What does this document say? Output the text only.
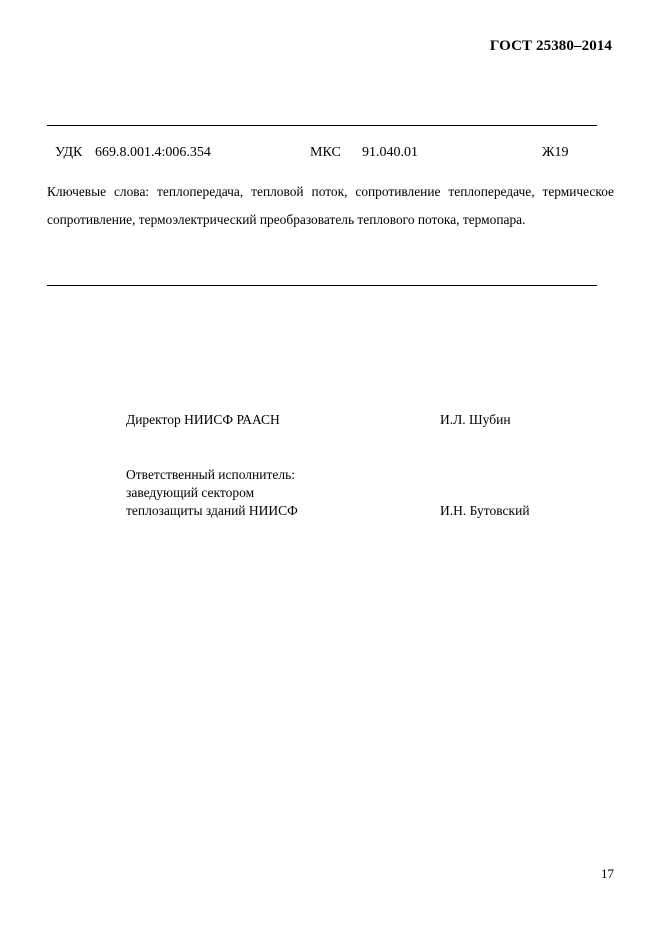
ГОСТ 25380–2014
УДК 669.8.001.4:006.354	МКС 91.040.01	Ж19
Ключевые слова: теплопередача, тепловой поток, сопротивление теплопередаче, термическое сопротивление, термоэлектрический преобразователь теплового потока, термопара.
Директор НИИСФ РААСН	И.Л. Шубин
Ответственный исполнитель:
заведующий сектором
теплозащиты зданий НИИСФ	И.Н. Бутовский
17
